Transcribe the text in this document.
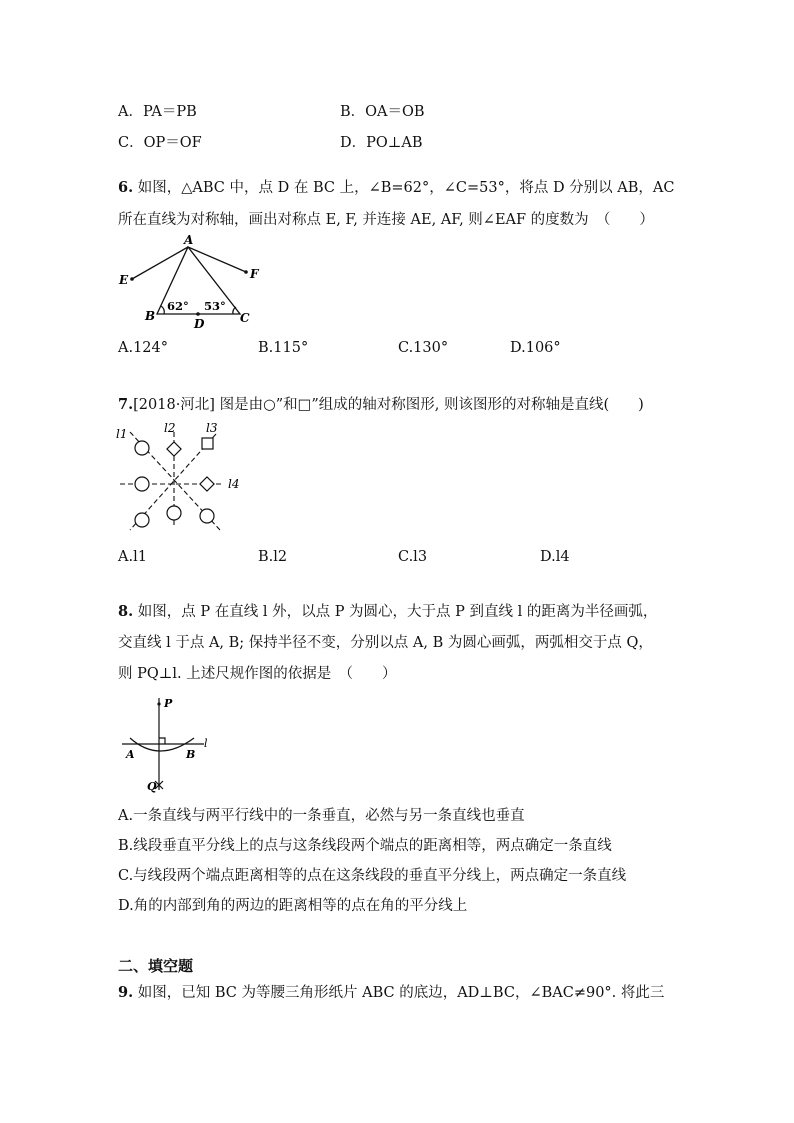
A．PA＝PB	B．OA＝OB
C．OP＝OF	D．PO⊥AB
6. 如图，△ABC 中，点 D 在 BC 上，∠B=62°，∠C=53°，将点 D 分别以 AB，AC
所在直线为对称轴，画出对称点 E, F, 并连接 AE, AF, 则∠EAF 的度数为　（　　）
A
E	F
B	C
D
62° 53°
A.124°	B.115°	C.130°	D.106°
7.[2018·河北] 图是由○”和□”组成的轴对称图形, 则该图形的对称轴是直线(　　)
l1	l2	l3
l4
A.l1	B.l2	C.l3	D.l4
8. 如图，点 P 在直线 l 外，以点 P 为圆心，大于点 P 到直线 l 的距离为半径画弧，
交直线 l 于点 A, B; 保持半径不变，分别以点 A, B 为圆心画弧，两弧相交于点 Q，
则 PQ⊥l. 上述尺规作图的依据是　（　　）
P
l
A	B
Q
A.一条直线与两平行线中的一条垂直，必然与另一条直线也垂直
B.线段垂直平分线上的点与这条线段两个端点的距离相等，两点确定一条直线
C.与线段两个端点距离相等的点在这条线段的垂直平分线上，两点确定一条直线
D.角的内部到角的两边的距离相等的点在角的平分线上
二、填空题
9. 如图，已知 BC 为等腰三角形纸片 ABC 的底边，AD⊥BC，∠BAC≠90°. 将此三
